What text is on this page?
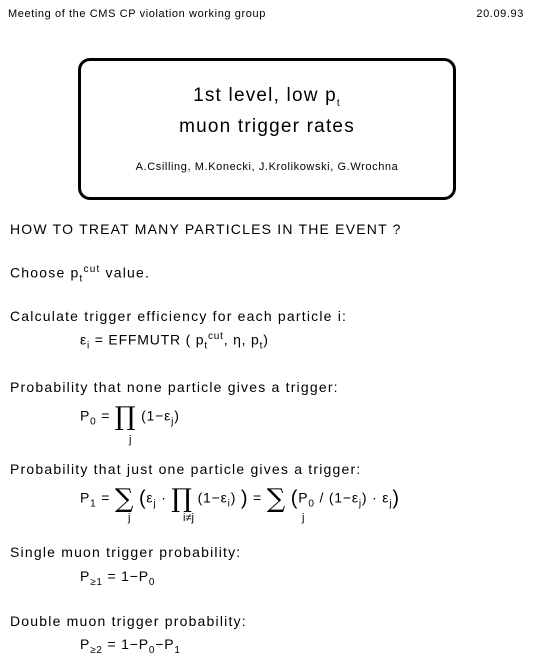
Meeting of the CMS CP violation working group	20.09.93
1st level, low $p_t$
muon trigger rates
A.Csilling, M.Konecki, J.Krolikowski, G.Wrochna
HOW TO TREAT MANY PARTICLES IN THE EVENT ?
Choose $p_t^{cut}$ value.
Calculate trigger efficiency for each particle i:
$\varepsilon_i$ = EFFMUTR ( $p_t^{cut}$, η, $p_t$)
Probability that none particle gives a trigger:
$P_0$ = ∏ $(1-\varepsilon_j)$
j
Probability that just one particle gives a trigger:
$P_1$ = ∑ ($\varepsilon_j$ · ∏ $(1-\varepsilon_i)$ ) = ∑ $(P_0 / (1-\varepsilon_j) \cdot \varepsilon_j)$
j	i≠j	j
Single muon trigger probability:
$P_{\ge 1} = 1-P_0$
Double muon trigger probability:
$P_{\ge 2} = 1-P_0-P_1$
